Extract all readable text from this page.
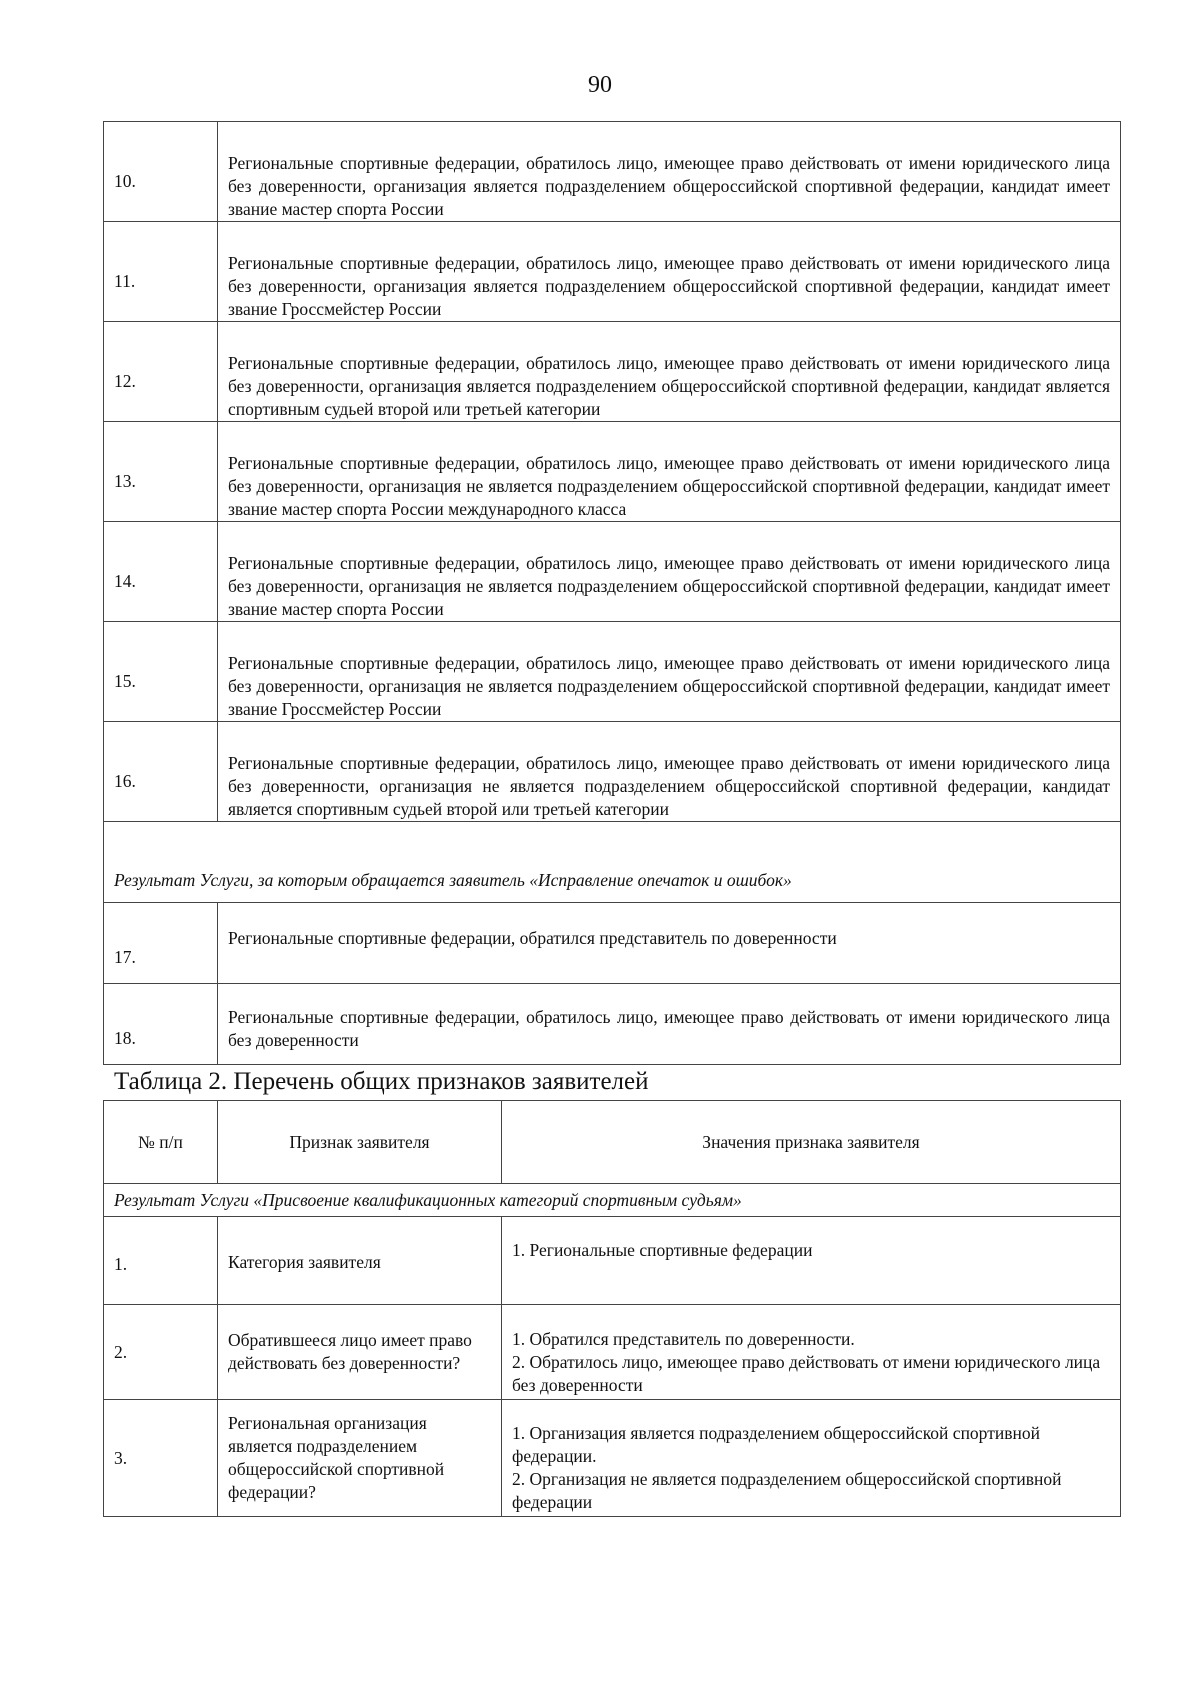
90
10.	Региональные спортивные федерации, обратилось лицо, имеющее право действовать от имени юридического лица без доверенности, организация является подразделением общероссийской спортивной федерации, кандидат имеет звание мастер спорта России
11.	Региональные спортивные федерации, обратилось лицо, имеющее право действовать от имени юридического лица без доверенности, организация является подразделением общероссийской спортивной федерации, кандидат имеет звание Гроссмейстер России
12.	Региональные спортивные федерации, обратилось лицо, имеющее право действовать от имени юридического лица без доверенности, организация является подразделением общероссийской спортивной федерации, кандидат является спортивным судьей второй или третьей категории
13.	Региональные спортивные федерации, обратилось лицо, имеющее право действовать от имени юридического лица без доверенности, организация не является подразделением общероссийской спортивной федерации, кандидат имеет звание мастер спорта России международного класса
14.	Региональные спортивные федерации, обратилось лицо, имеющее право действовать от имени юридического лица без доверенности, организация не является подразделением общероссийской спортивной федерации, кандидат имеет звание мастер спорта России
15.	Региональные спортивные федерации, обратилось лицо, имеющее право действовать от имени юридического лица без доверенности, организация не является подразделением общероссийской спортивной федерации, кандидат имеет звание Гроссмейстер России
16.	Региональные спортивные федерации, обратилось лицо, имеющее право действовать от имени юридического лица без доверенности, организация не является подразделением общероссийской спортивной федерации, кандидат является спортивным судьей второй или третьей категории
Результат Услуги, за которым обращается заявитель «Исправление опечаток и ошибок»	
17.	Региональные спортивные федерации, обратился представитель по доверенности
18.	Региональные спортивные федерации, обратилось лицо, имеющее право действовать от имени юридического лица без доверенности
Таблица 2. Перечень общих признаков заявителей
№ п/п	Признак заявителя	Значения признака заявителя
Результат Услуги «Присвоение квалификационных категорий спортивным судьям»		
1.	Категория заявителя	1. Региональные спортивные федерации

2.	Обратившееся лицо имеет право действовать без доверенности?	1. Обратился представитель по доверенности.
2. Обратилось лицо, имеющее право действовать от имени юридического лица без доверенности

3.	Региональная организация является подразделением общероссийской спортивной федерации?	1. Организация является подразделением общероссийской спортивной федерации.
2. Организация не является подразделением общероссийской спортивной федерации
